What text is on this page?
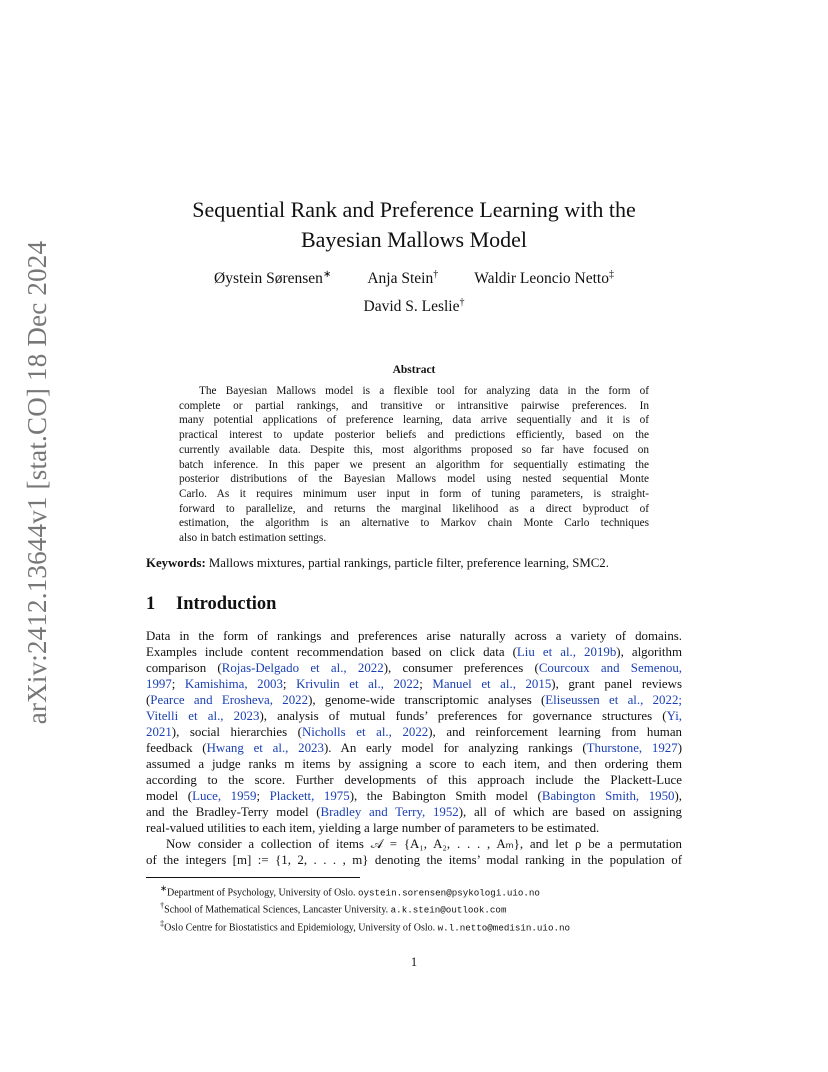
arXiv:2412.13644v1 [stat.CO] 18 Dec 2024
Sequential Rank and Preference Learning with the
Bayesian Mallows Model
Øystein Sørensen∗ Anja Stein† Waldir Leoncio Netto‡
David S. Leslie†
Abstract
The Bayesian Mallows model is a flexible tool for analyzing data in the form of
complete or partial rankings, and transitive or intransitive pairwise preferences. In
many potential applications of preference learning, data arrive sequentially and it is of
practical interest to update posterior beliefs and predictions efficiently, based on the
currently available data. Despite this, most algorithms proposed so far have focused on
batch inference. In this paper we present an algorithm for sequentially estimating the
posterior distributions of the Bayesian Mallows model using nested sequential Monte
Carlo. As it requires minimum user input in form of tuning parameters, is straight-
forward to parallelize, and returns the marginal likelihood as a direct byproduct of
estimation, the algorithm is an alternative to Markov chain Monte Carlo techniques
also in batch estimation settings.
Keywords: Mallows mixtures, partial rankings, particle filter, preference learning, SMC2.
1 Introduction
Data in the form of rankings and preferences arise naturally across a variety of domains.
Examples include content recommendation based on click data (Liu et al., 2019b), algorithm
comparison (Rojas-Delgado et al., 2022), consumer preferences (Courcoux and Semenou,
1997; Kamishima, 2003; Krivulin et al., 2022; Manuel et al., 2015), grant panel reviews
(Pearce and Erosheva, 2022), genome-wide transcriptomic analyses (Eliseussen et al., 2022;
Vitelli et al., 2023), analysis of mutual funds’ preferences for governance structures (Yi,
2021), social hierarchies (Nicholls et al., 2022), and reinforcement learning from human
feedback (Hwang et al., 2023). An early model for analyzing rankings (Thurstone, 1927)
assumed a judge ranks m items by assigning a score to each item, and then ordering them
according to the score. Further developments of this approach include the Plackett-Luce
model (Luce, 1959; Plackett, 1975), the Babington Smith model (Babington Smith, 1950),
and the Bradley-Terry model (Bradley and Terry, 1952), all of which are based on assigning
real-valued utilities to each item, yielding a large number of parameters to be estimated.
Now consider a collection of items 𝒜 = {A₁, A₂, . . . , Aₘ}, and let ρ be a permutation
of the integers [m] := {1, 2, . . . , m} denoting the items’ modal ranking in the population of
∗Department of Psychology, University of Oslo. oystein.sorensen@psykologi.uio.no
†School of Mathematical Sciences, Lancaster University. a.k.stein@outlook.com
‡Oslo Centre for Biostatistics and Epidemiology, University of Oslo. w.l.netto@medisin.uio.no
1
